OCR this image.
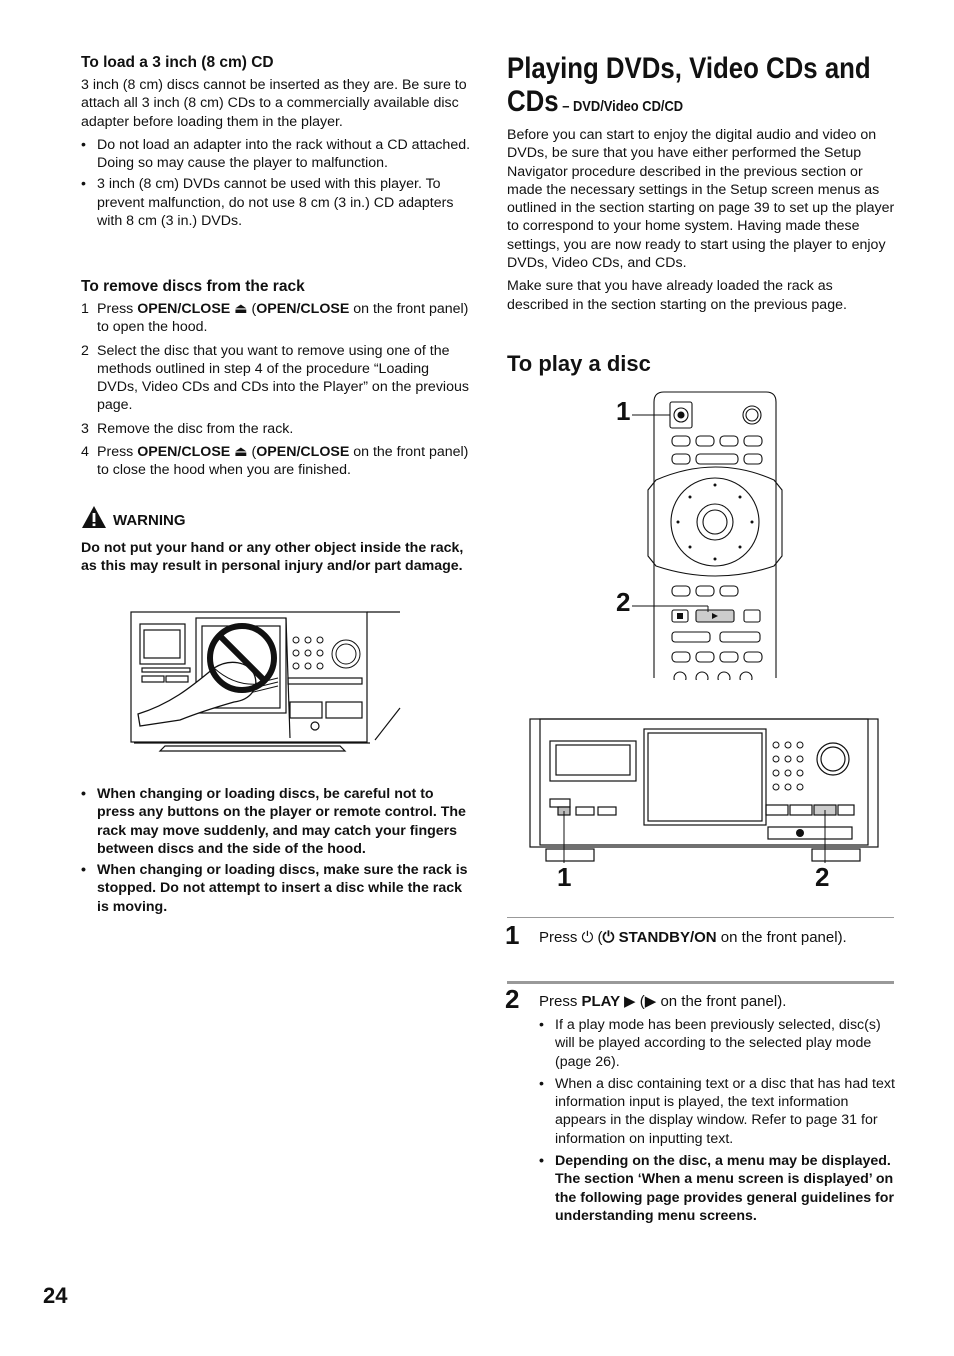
To load a 3 inch (8 cm) CD

3 inch (8 cm) discs cannot be inserted as they are. Be sure to attach all 3 inch (8 cm) CDs to a commercially available disc adapter before loading them in the player.

• Do not load an adapter into the rack without a CD attached. Doing so may cause the player to malfunction.
• 3 inch (8 cm) DVDs cannot be used with this player. To prevent malfunction, do not use 8 cm (3 in.) CD adapters with 8 cm (3 in.) DVDs.
To remove discs from the rack
1 Press OPEN/CLOSE ⏏ (OPEN/CLOSE on the front panel) to open the hood.
2 Select the disc that you want to remove using one of the methods outlined in step 4 of the procedure “Loading DVDs, Video CDs and CDs into the Player” on the previous page.
3 Remove the disc from the rack.
4 Press OPEN/CLOSE ⏏ (OPEN/CLOSE on the front panel) to close the hood when you are finished.
WARNING

Do not put your hand or any other object inside the rack, as this may result in personal injury and/or part damage.

• When changing or loading discs, be careful not to press any buttons on the player or remote control. The rack may move suddenly, and may catch your fingers between discs and the side of the hood.
• When changing or loading discs, make sure the rack is stopped. Do not attempt to insert a disc while the rack is moving.
Playing DVDs, Video CDs and
CDs – DVD/Video CD/CD

Before you can start to enjoy the digital audio and video on DVDs, be sure that you have either performed the Setup Navigator procedure described in the previous section or made the necessary settings in the Setup screen menus as outlined in the section starting on page 39 to set up the player to correspond to your home system. Having made these settings, you are now ready to start using the player to enjoy DVDs, Video CDs, and CDs.

Make sure that you have already loaded the rack as described in the section starting on the previous page.

To play a disc
1
2
1	2
1 Press ⏻ (⏻ STANDBY/ON on the front panel).
2 Press PLAY ▶ (▶ on the front panel).
• If a play mode has been previously selected, disc(s) will be played according to the selected play mode (page 26).
• When a disc containing text or a disc that has had text information input is played, the text information appears in the display window. Refer to page 31 for information on inputting text.
• Depending on the disc, a menu may be displayed. The section ‘When a menu screen is displayed’ on the following page provides general guidelines for understanding menu screens.
24
